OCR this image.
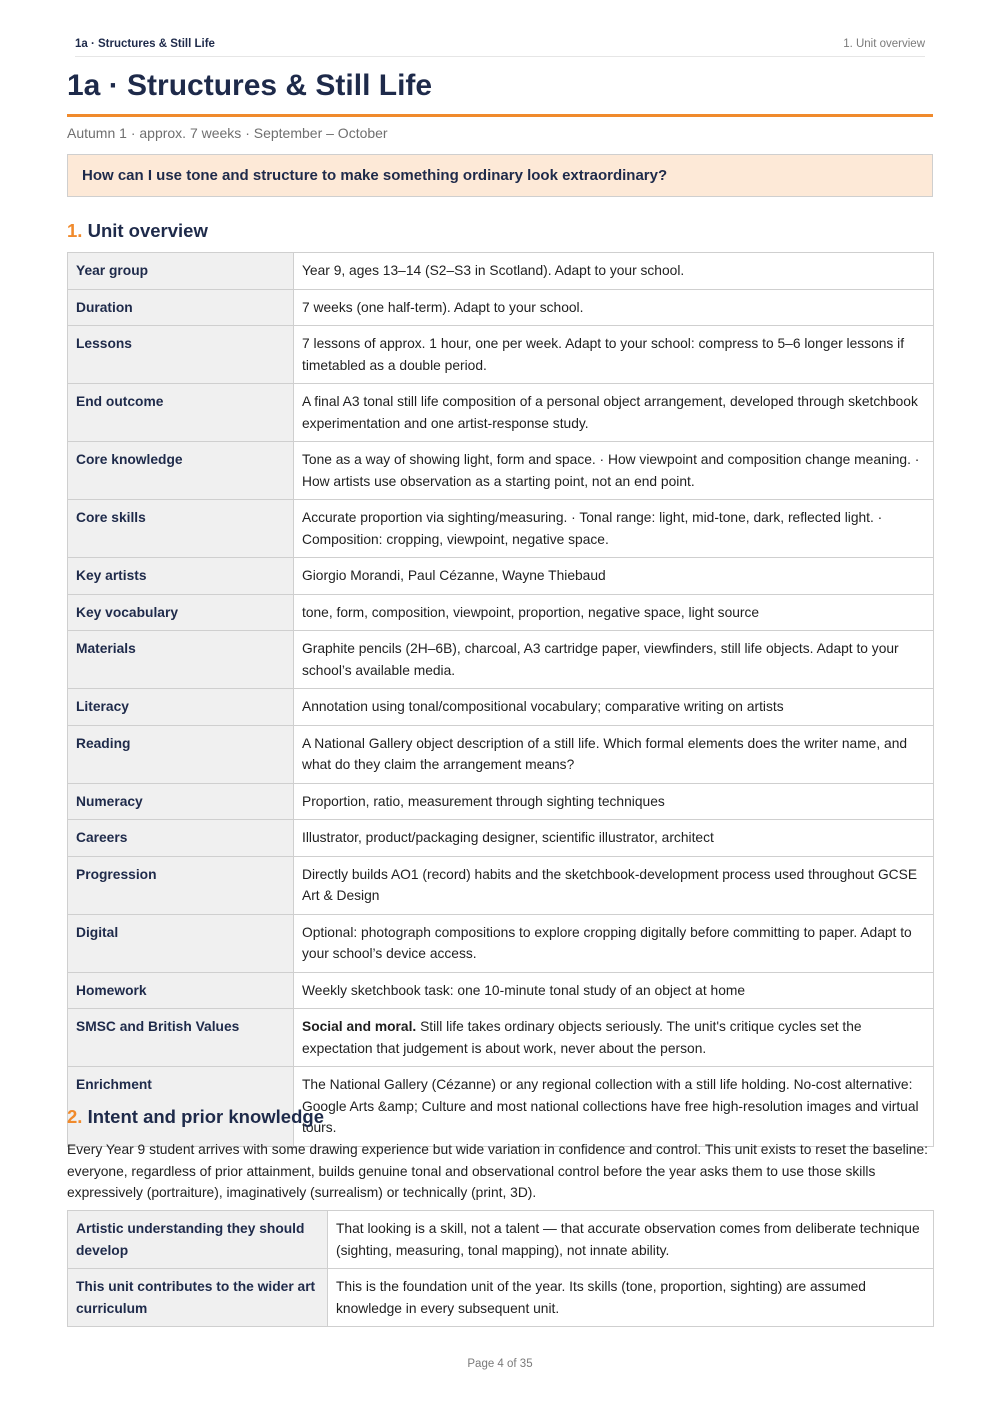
1a · Structures & Still Life	1. Unit overview
1a · Structures & Still Life
Autumn 1 · approx. 7 weeks · September – October
How can I use tone and structure to make something ordinary look extraordinary?
1. Unit overview
Year group	Year 9, ages 13–14 (S2–S3 in Scotland). Adapt to your school.
Duration	7 weeks (one half-term). Adapt to your school.
Lessons	7 lessons of approx. 1 hour, one per week. Adapt to your school: compress to 5–6 longer lessons if timetabled as a double period.
End outcome	A final A3 tonal still life composition of a personal object arrangement, developed through sketchbook experimentation and one artist-response study.
Core knowledge	Tone as a way of showing light, form and space. · How viewpoint and composition change meaning. · How artists use observation as a starting point, not an end point.
Core skills	Accurate proportion via sighting/measuring. · Tonal range: light, mid-tone, dark, reflected light. · Composition: cropping, viewpoint, negative space.
Key artists	Giorgio Morandi, Paul Cézanne, Wayne Thiebaud
Key vocabulary	tone, form, composition, viewpoint, proportion, negative space, light source
Materials	Graphite pencils (2H–6B), charcoal, A3 cartridge paper, viewfinders, still life objects. Adapt to your school’s available media.
Literacy	Annotation using tonal/compositional vocabulary; comparative writing on artists
Reading	A National Gallery object description of a still life. Which formal elements does the writer name, and what do they claim the arrangement means?
Numeracy	Proportion, ratio, measurement through sighting techniques
Careers	Illustrator, product/packaging designer, scientific illustrator, architect
Progression	Directly builds AO1 (record) habits and the sketchbook-development process used throughout GCSE Art & Design
Digital	Optional: photograph compositions to explore cropping digitally before committing to paper. Adapt to your school’s device access.
Homework	Weekly sketchbook task: one 10-minute tonal study of an object at home
SMSC and British Values	Social and moral. Still life takes ordinary objects seriously. The unit's critique cycles set the expectation that judgement is about work, never about the person.
Enrichment	The National Gallery (Cézanne) or any regional collection with a still life holding. No-cost alternative: Google Arts &amp; Culture and most national collections have free high-resolution images and virtual tours.
2. Intent and prior knowledge

Every Year 9 student arrives with some drawing experience but wide variation in confidence and control. This unit exists to reset the baseline: everyone, regardless of prior attainment, builds genuine tonal and observational control before the year asks them to use those skills expressively (portraiture), imaginatively (surrealism) or technically (print, 3D).

Artistic understanding they should develop	That looking is a skill, not a talent — that accurate observation comes from deliberate technique (sighting, measuring, tonal mapping), not innate ability.
This unit contributes to the wider art curriculum	This is the foundation unit of the year. Its skills (tone, proportion, sighting) are assumed knowledge in every subsequent unit.
Page 4 of 35
